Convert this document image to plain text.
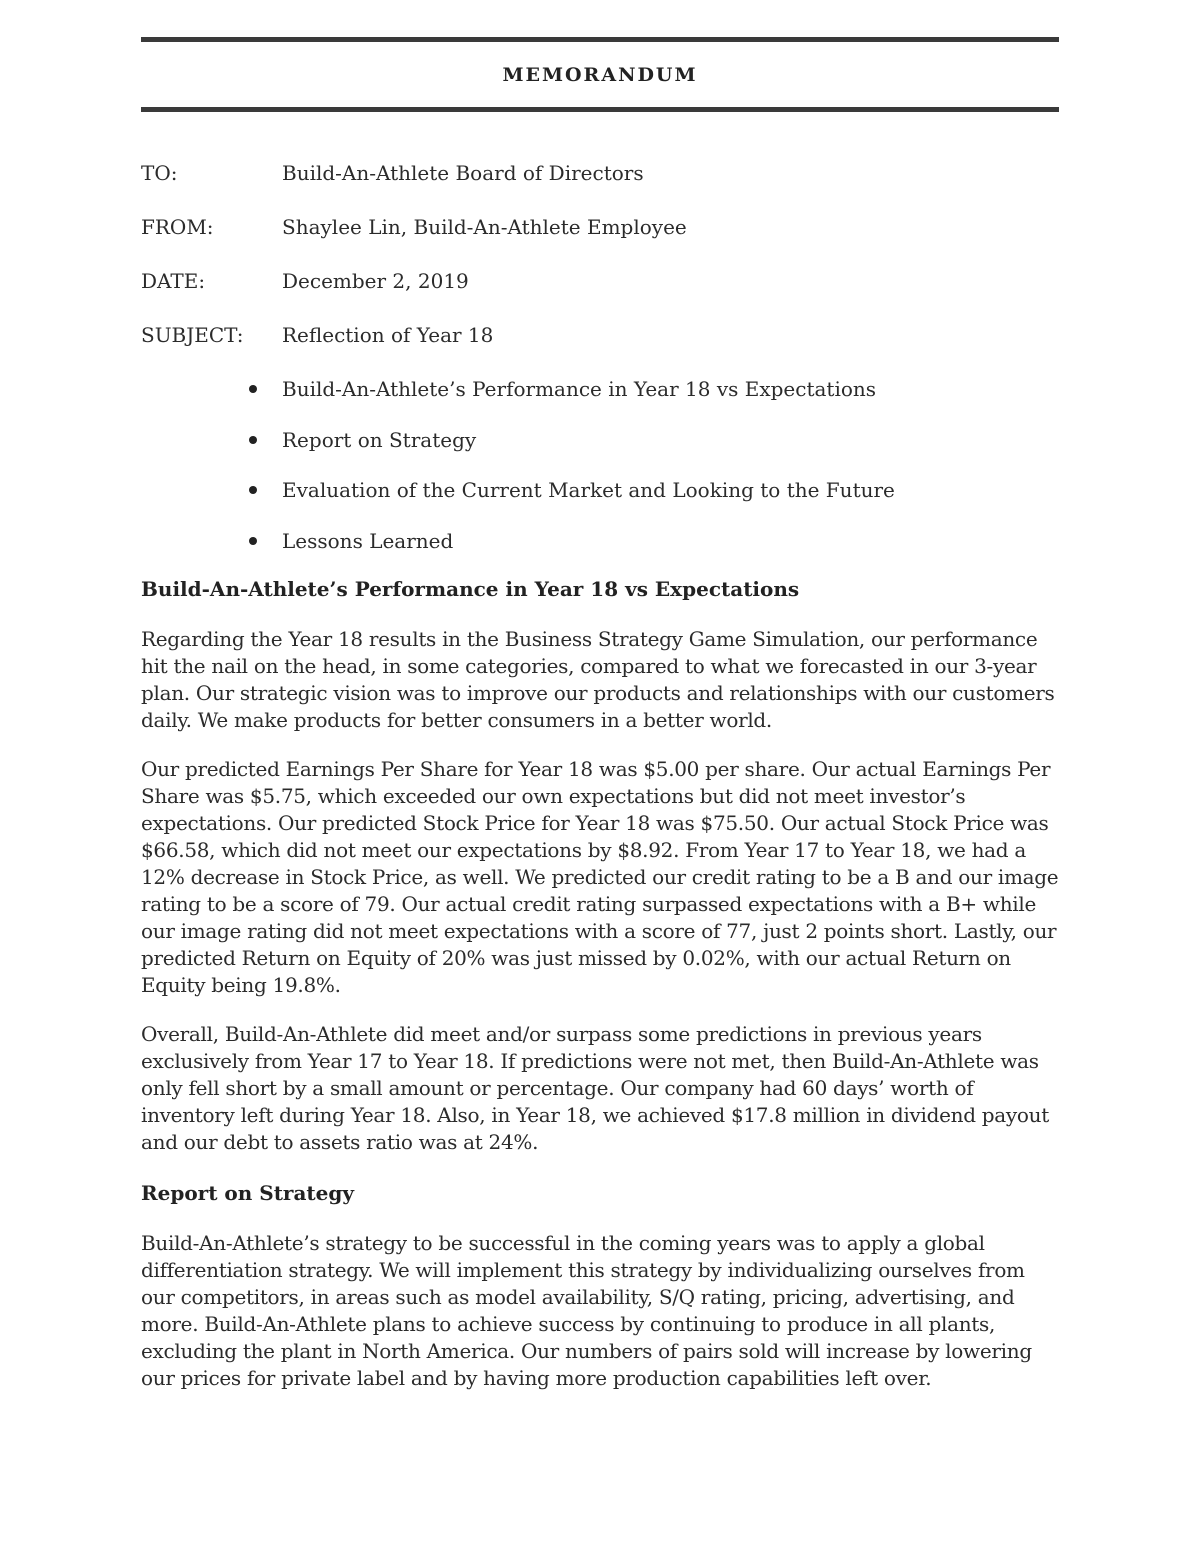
MEMORANDUM
TO:	Build-An-Athlete Board of Directors
FROM:	Shaylee Lin, Build-An-Athlete Employee
DATE:	December 2, 2019
SUBJECT:	Reflection of Year 18
Build-An-Athlete’s Performance in Year 18 vs Expectations
Report on Strategy
Evaluation of the Current Market and Looking to the Future
Lessons Learned
Build-An-Athlete’s Performance in Year 18 vs Expectations

Regarding the Year 18 results in the Business Strategy Game Simulation, our performance hit the nail on the head, in some categories, compared to what we forecasted in our 3-year plan. Our strategic vision was to improve our products and relationships with our customers daily. We make products for better consumers in a better world.

Our predicted Earnings Per Share for Year 18 was $5.00 per share. Our actual Earnings Per Share was $5.75, which exceeded our own expectations but did not meet investor’s expectations. Our predicted Stock Price for Year 18 was $75.50. Our actual Stock Price was $66.58, which did not meet our expectations by $8.92. From Year 17 to Year 18, we had a 12% decrease in Stock Price, as well. We predicted our credit rating to be a B and our image rating to be a score of 79. Our actual credit rating surpassed expectations with a B+ while our image rating did not meet expectations with a score of 77, just 2 points short. Lastly, our predicted Return on Equity of 20% was just missed by 0.02%, with our actual Return on Equity being 19.8%.

Overall, Build-An-Athlete did meet and/or surpass some predictions in previous years exclusively from Year 17 to Year 18. If predictions were not met, then Build-An-Athlete was only fell short by a small amount or percentage. Our company had 60 days’ worth of inventory left during Year 18. Also, in Year 18, we achieved $17.8 million in dividend payout and our debt to assets ratio was at 24%.

Report on Strategy

Build-An-Athlete’s strategy to be successful in the coming years was to apply a global differentiation strategy. We will implement this strategy by individualizing ourselves from our competitors, in areas such as model availability, S/Q rating, pricing, advertising, and more. Build-An-Athlete plans to achieve success by continuing to produce in all plants, excluding the plant in North America. Our numbers of pairs sold will increase by lowering our prices for private label and by having more production capabilities left over.
